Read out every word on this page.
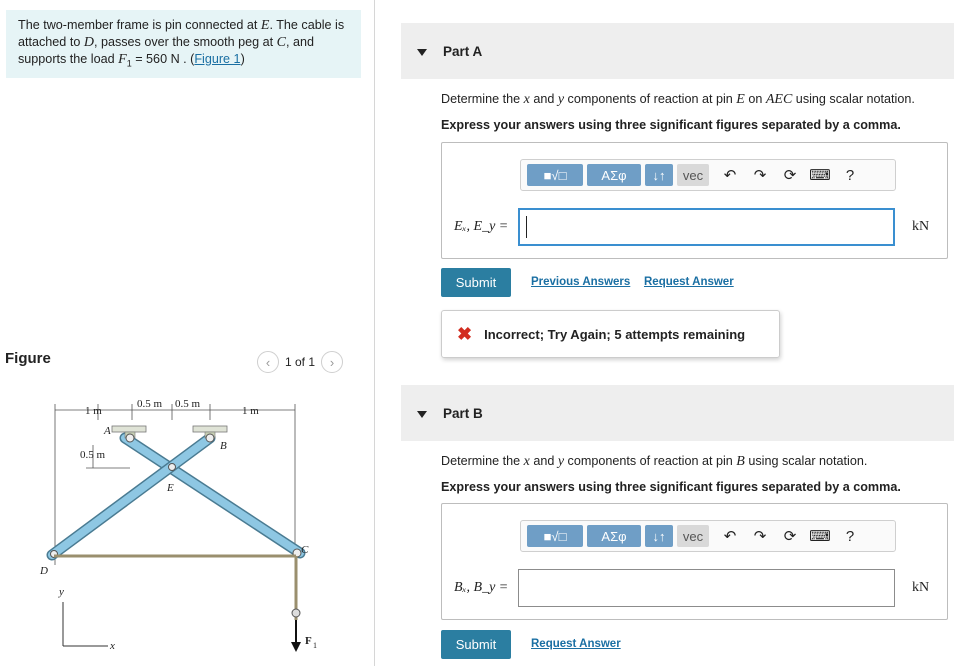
The two-member frame is pin connected at E. The cable is attached to D, passes over the smooth peg at C, and supports the load $F_1 = 560$ N . (Figure 1)
Figure	‹	1 of 1	›
1 m
0.5 m 0.5 m
1 m
0.5 m
A
B
E
C
D
F 1
y
x
Part A
Determine the x and y components of reaction at pin E on AEC using scalar notation.
Express your answers using three significant figures separated by a comma.
■√□	ΑΣφ	↓↑	vec	↶	↷	⟳ ⌨	?
Eₓ, E_y =	kN
Submit	Previous Answers Request Answer
✖ Incorrect; Try Again; 5 attempts remaining
Part B
Determine the x and y components of reaction at pin B using scalar notation.
Express your answers using three significant figures separated by a comma.
■√□	ΑΣφ	↓↑	vec	↶	↷	⟳ ⌨	?
Bₓ, B_y =	kN
Submit	Request Answer
